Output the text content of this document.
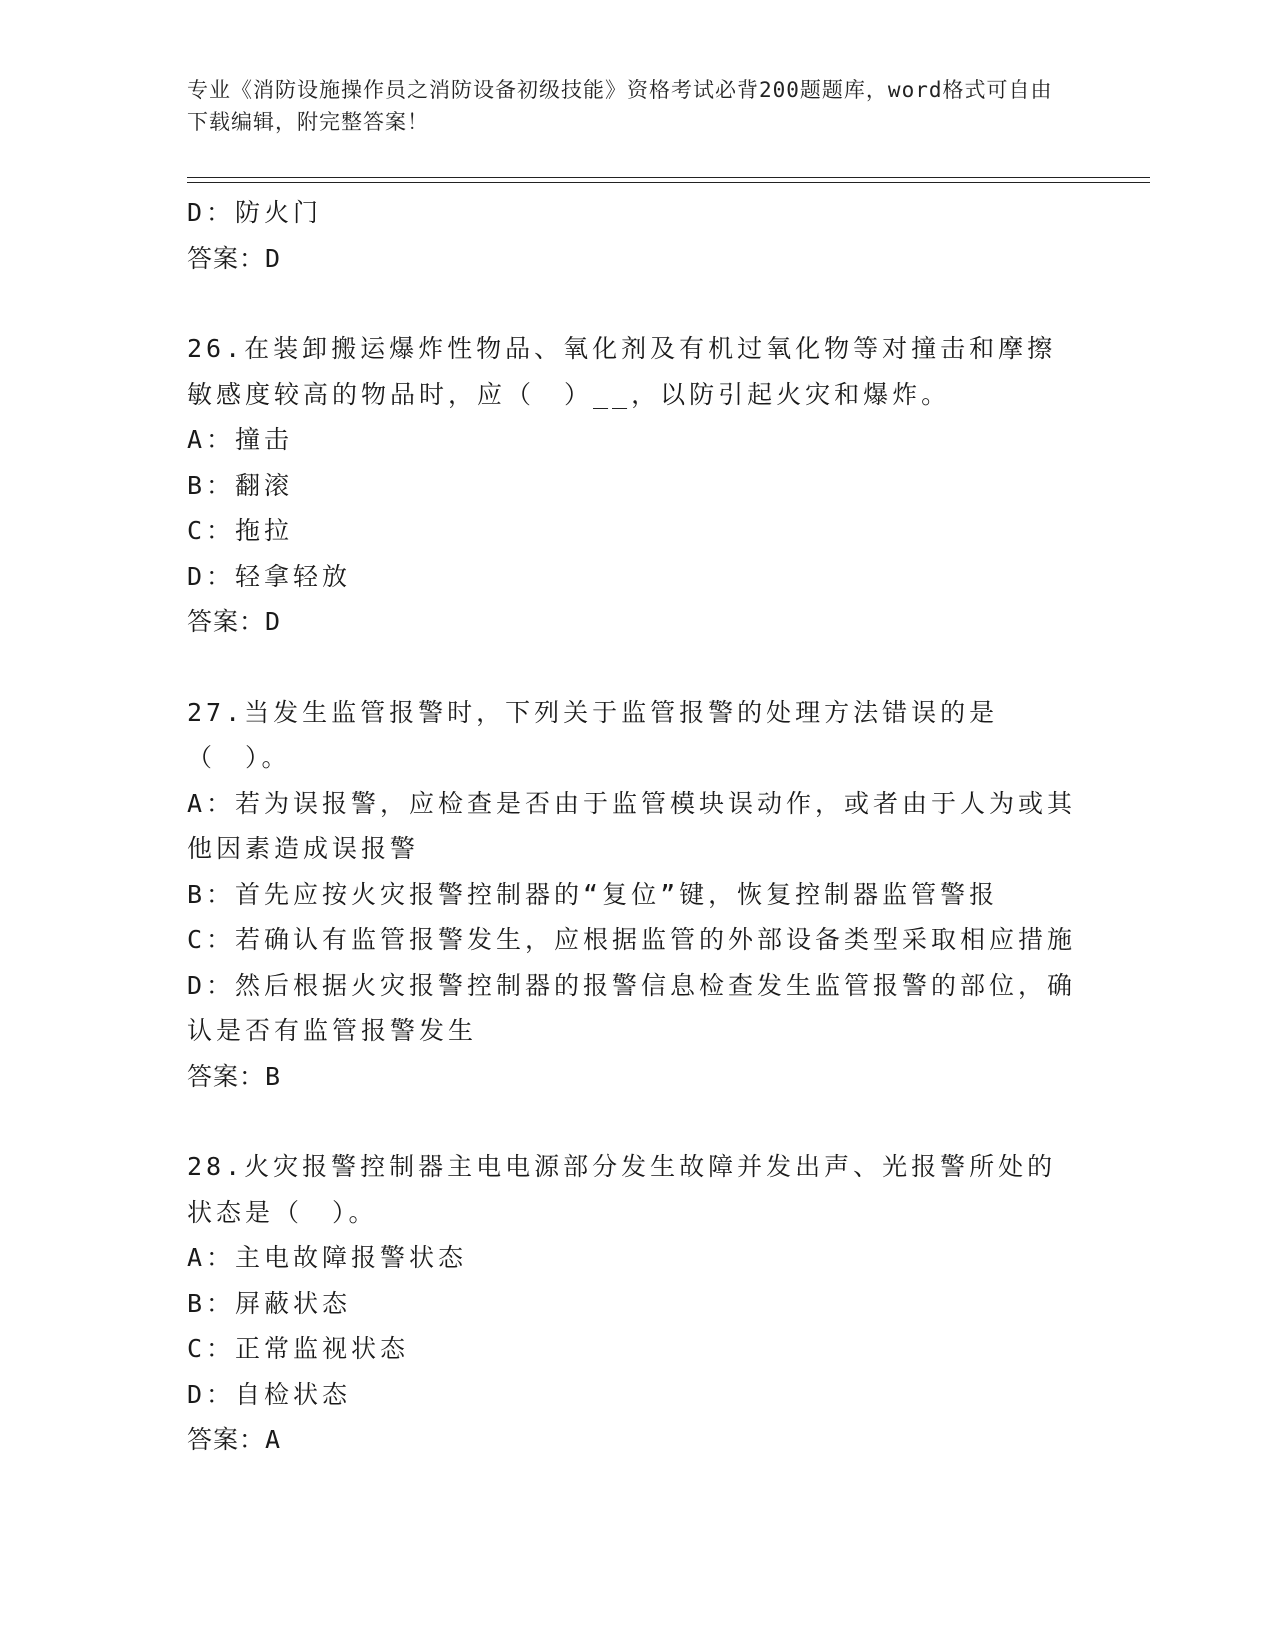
专业《消防设施操作员之消防设备初级技能》资格考试必背200题题库，word格式可自由下载编辑，附完整答案！

D：防火门

答案：D

26.在装卸搬运爆炸性物品、氧化剂及有机过氧化物等对撞击和摩擦敏感度较高的物品时，应（　）__，以防引起火灾和爆炸。

A：撞击

B：翻滚

C：拖拉

D：轻拿轻放

答案：D

27.当发生监管报警时，下列关于监管报警的处理方法错误的是（　）。

A：若为误报警，应检查是否由于监管模块误动作，或者由于人为或其他因素造成误报警

B：首先应按火灾报警控制器的“复位”键，恢复控制器监管警报

C：若确认有监管报警发生，应根据监管的外部设备类型采取相应措施

D：然后根据火灾报警控制器的报警信息检查发生监管报警的部位，确认是否有监管报警发生

答案：B

28.火灾报警控制器主电电源部分发生故障并发出声、光报警所处的状态是（　）。

A：主电故障报警状态

B：屏蔽状态

C：正常监视状态

D：自检状态

答案：A
